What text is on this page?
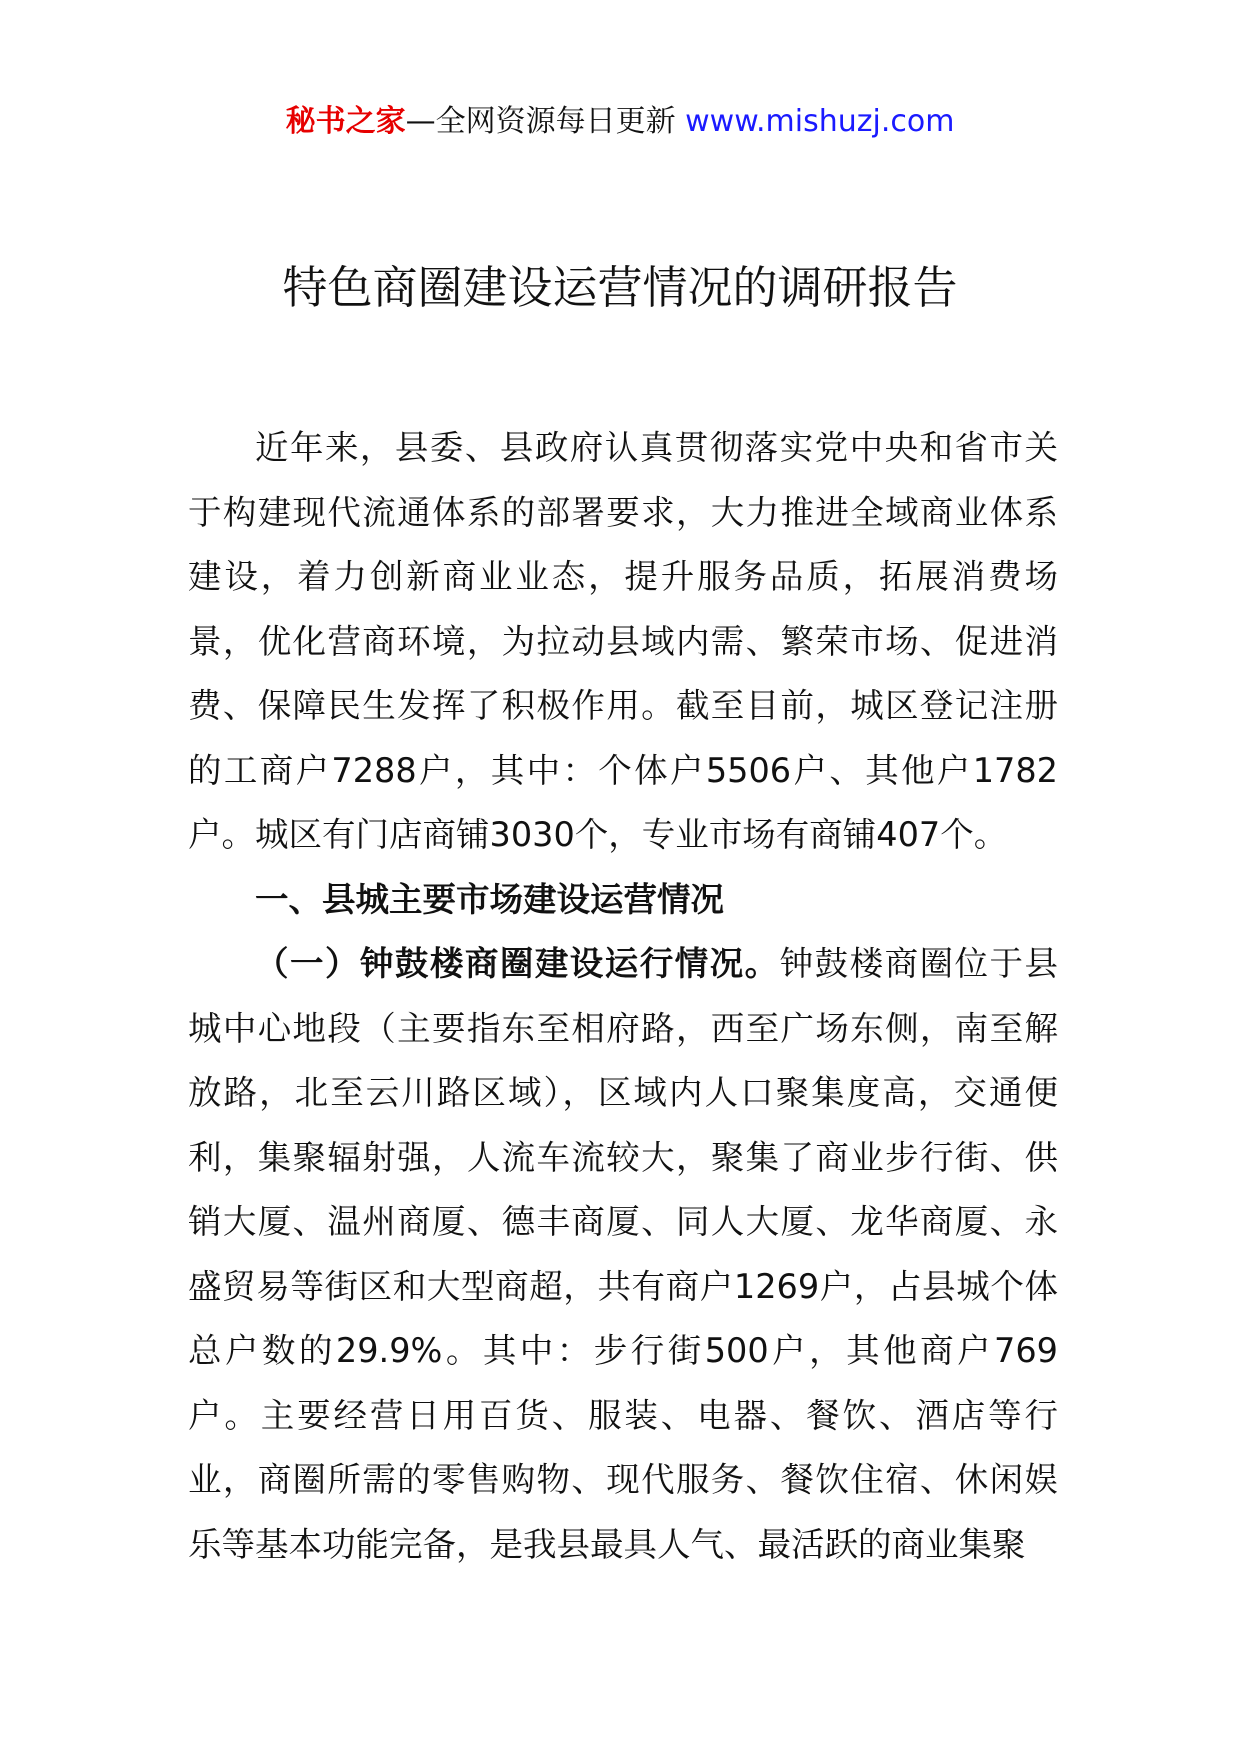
秘书之家—全网资源每日更新 www.mishuzj.com
特色商圈建设运营情况的调研报告

近年来，县委、县政府认真贯彻落实党中央和省市关于构建现代流通体系的部署要求，大力推进全域商业体系建设，着力创新商业业态，提升服务品质，拓展消费场景，优化营商环境，为拉动县域内需、繁荣市场、促进消费、保障民生发挥了积极作用。截至目前，城区登记注册的工商户7288户，其中：个体户5506户、其他户1782户。城区有门店商铺3030个，专业市场有商铺407个。

一、县城主要市场建设运营情况

（一）钟鼓楼商圈建设运行情况。钟鼓楼商圈位于县城中心地段（主要指东至相府路，西至广场东侧，南至解放路，北至云川路区域），区域内人口聚集度高，交通便利，集聚辐射强，人流车流较大，聚集了商业步行街、供销大厦、温州商厦、德丰商厦、同人大厦、龙华商厦、永盛贸易等街区和大型商超，共有商户1269户，占县城个体总户数的29.9%。其中：步行街500户，其他商户769户。主要经营日用百货、服装、电器、餐饮、酒店等行业，商圈所需的零售购物、现代服务、餐饮住宿、休闲娱乐等基本功能完备，是我县最具人气、最活跃的商业集聚
